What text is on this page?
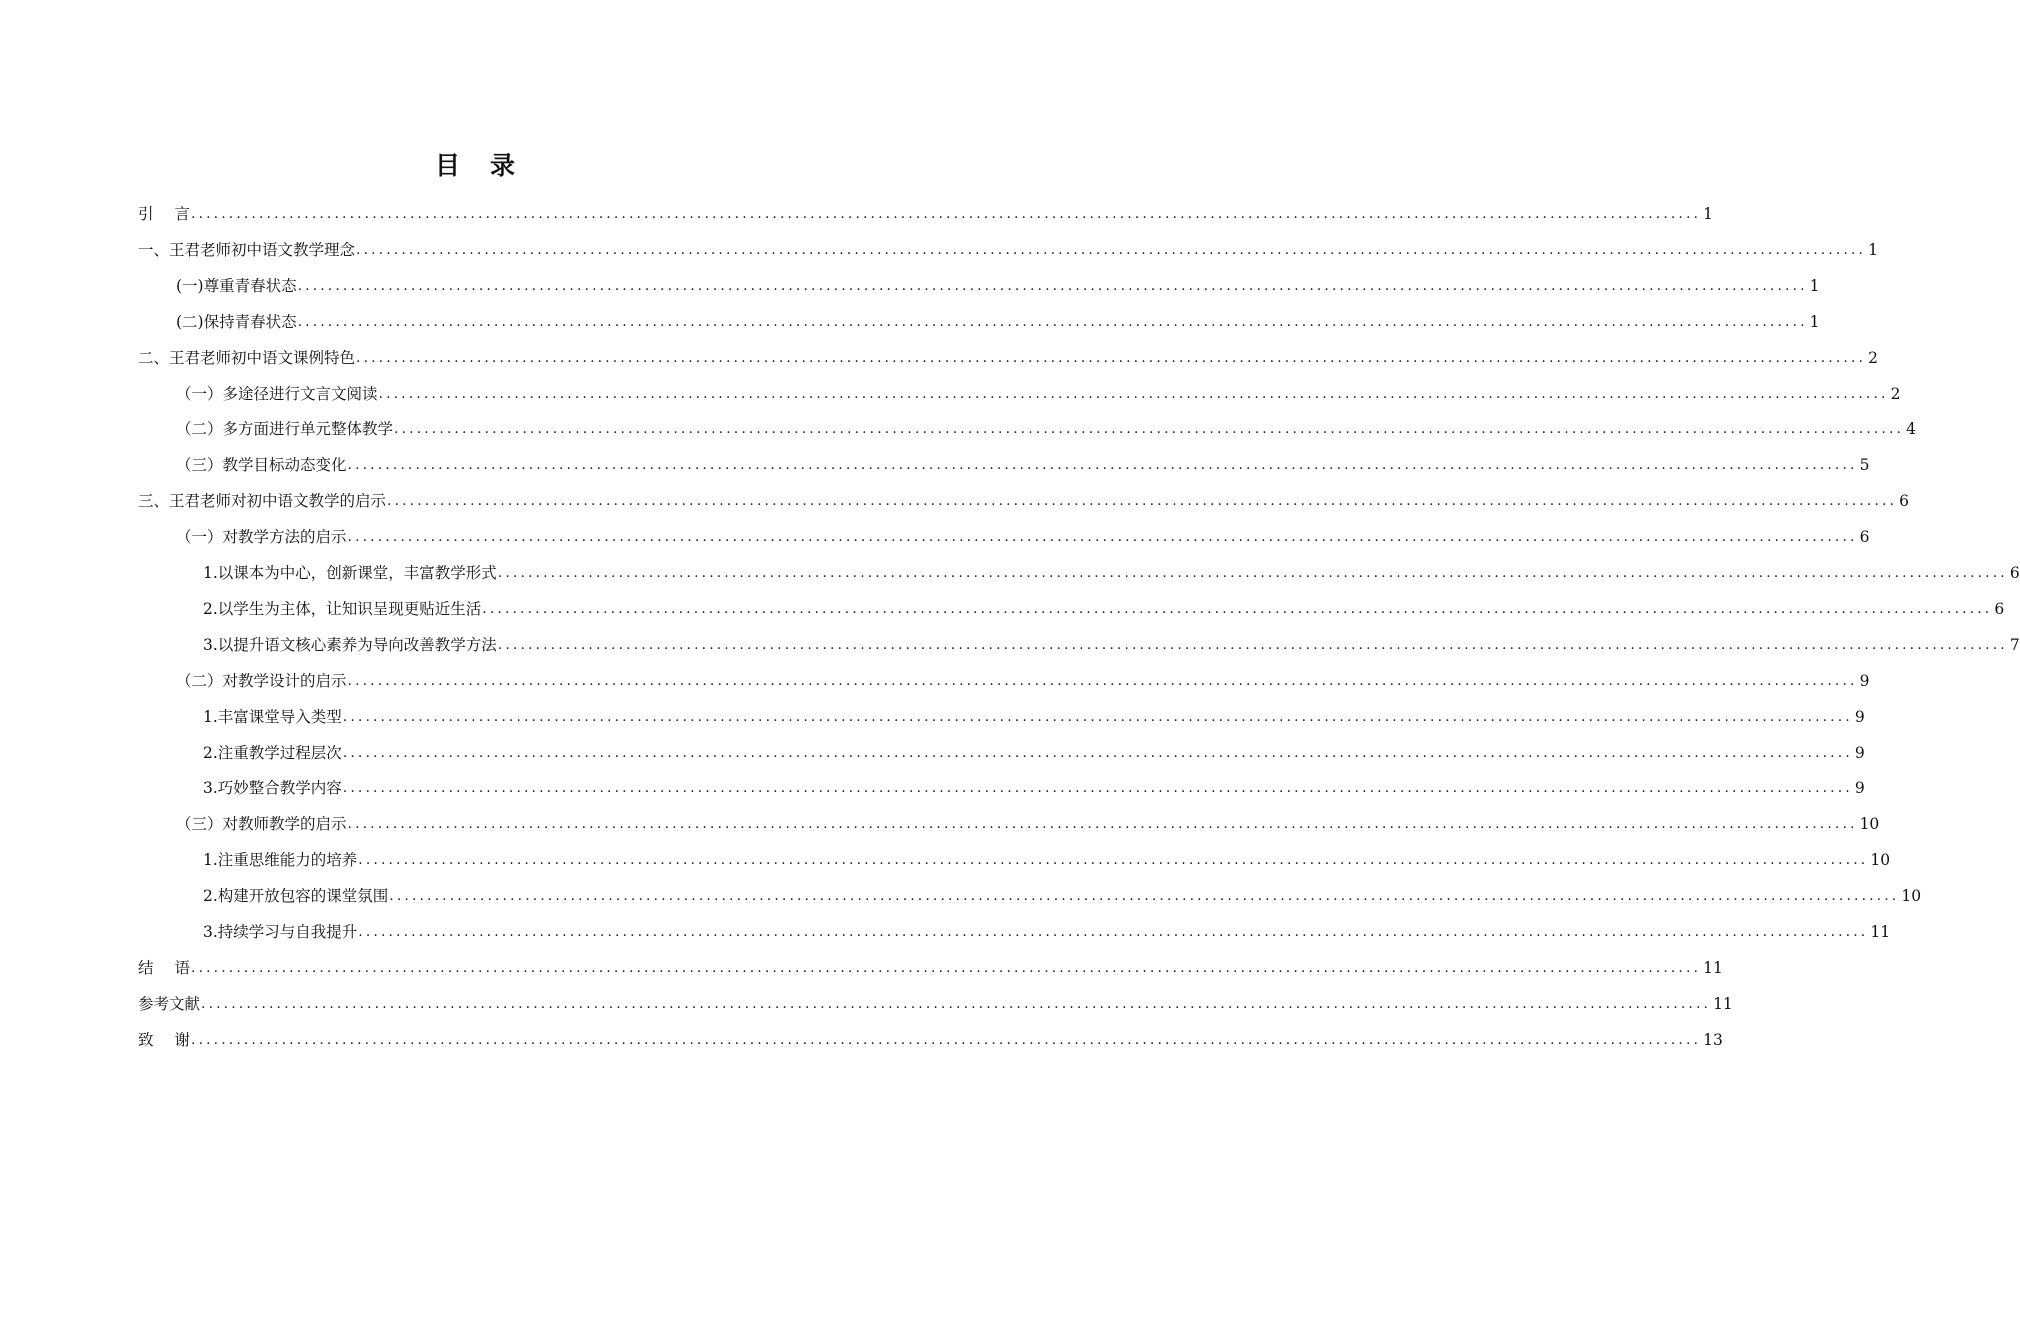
目 录
引 言 ........................................................................................................................................................................................................ 1
一、王君老师初中语文教学理念 ........................................................................................................................................................................................................ 1
(一)尊重青春状态 ........................................................................................................................................................................................................ 1
(二)保持青春状态 ........................................................................................................................................................................................................ 1
二、王君老师初中语文课例特色 ........................................................................................................................................................................................................ 2
（一）多途径进行文言文阅读 ........................................................................................................................................................................................................ 2
（二）多方面进行单元整体教学 ........................................................................................................................................................................................................ 4
（三）教学目标动态变化 ........................................................................................................................................................................................................ 5
三、王君老师对初中语文教学的启示 ........................................................................................................................................................................................................ 6
（一）对教学方法的启示 ........................................................................................................................................................................................................ 6
1.以课本为中心，创新课堂，丰富教学形式 ........................................................................................................................................................................................................ 6
2.以学生为主体，让知识呈现更贴近生活 ........................................................................................................................................................................................................ 6
3.以提升语文核心素养为导向改善教学方法 ........................................................................................................................................................................................................ 7
（二）对教学设计的启示 ........................................................................................................................................................................................................ 9
1.丰富课堂导入类型 ........................................................................................................................................................................................................ 9
2.注重教学过程层次 ........................................................................................................................................................................................................ 9
3.巧妙整合教学内容 ........................................................................................................................................................................................................ 9
（三）对教师教学的启示 ........................................................................................................................................................................................................ 10
1.注重思维能力的培养 ........................................................................................................................................................................................................ 10
2.构建开放包容的课堂氛围 ........................................................................................................................................................................................................ 10
3.持续学习与自我提升 ........................................................................................................................................................................................................ 11
结 语 ........................................................................................................................................................................................................ 11
参考文献 ........................................................................................................................................................................................................ 11
致 谢 ........................................................................................................................................................................................................ 13
